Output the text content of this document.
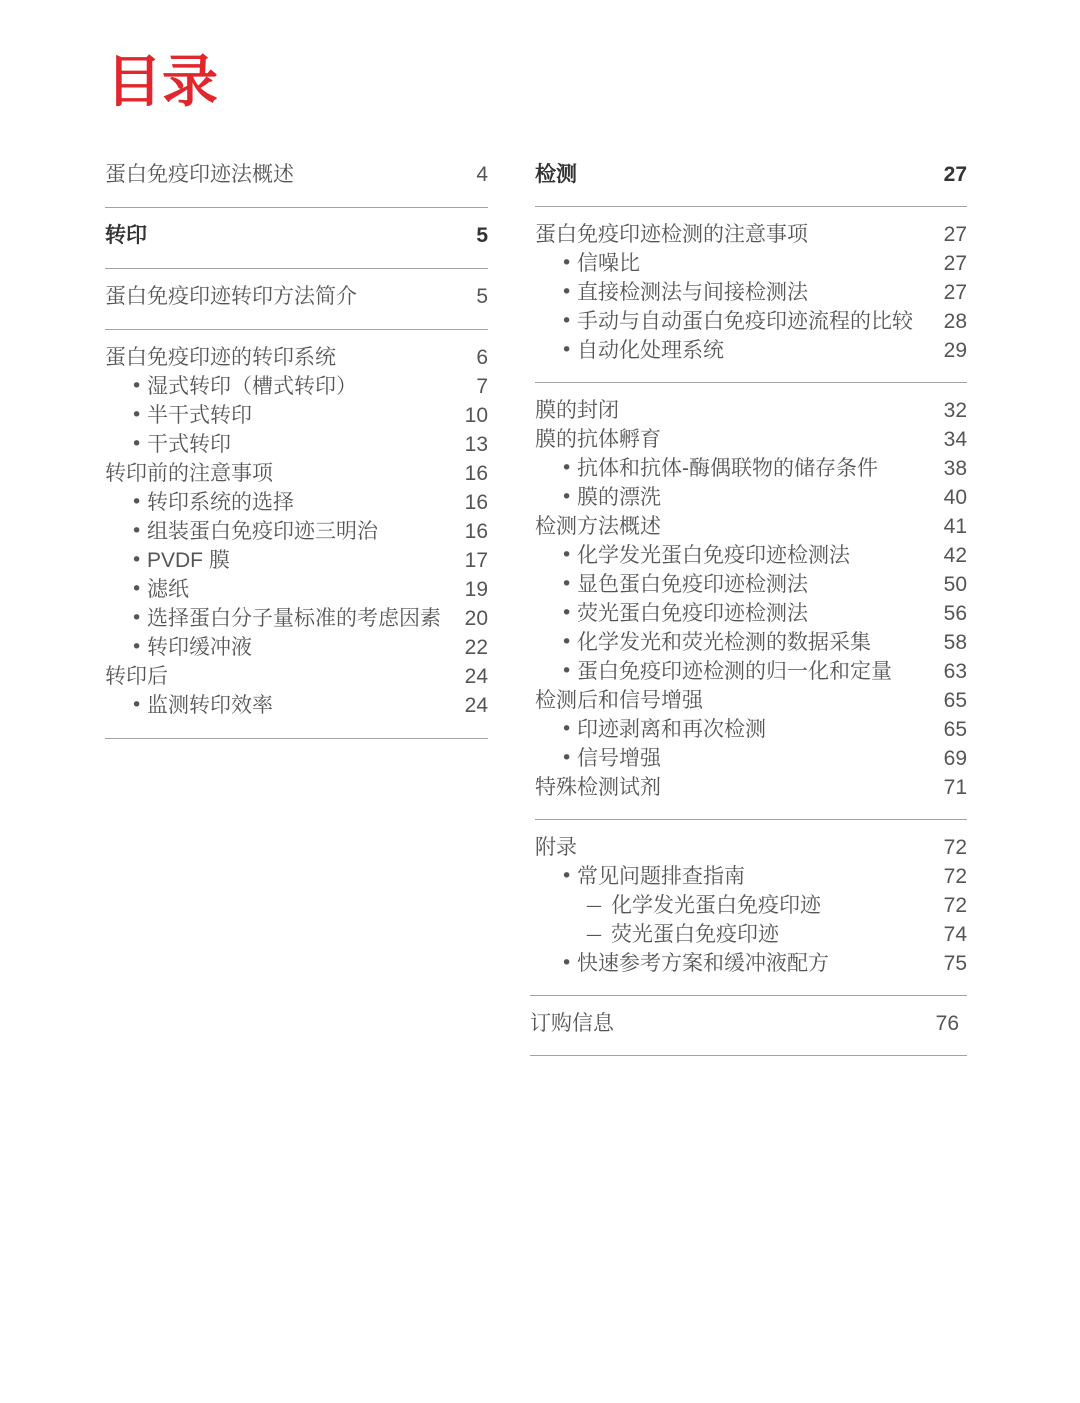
目录
蛋白免疫印迹法概述	4
转印	5
蛋白免疫印迹转印方法简介	5
蛋白免疫印迹的转印系统	6
• 湿式转印（槽式转印）	7
• 半干式转印	10
• 干式转印	13
转印前的注意事项	16
• 转印系统的选择	16
• 组装蛋白免疫印迹三明治	16
• PVDF 膜	17
• 滤纸	19
• 选择蛋白分子量标准的考虑因素	20
• 转印缓冲液	22
转印后	24
• 监测转印效率	24
检测	27
蛋白免疫印迹检测的注意事项	27
• 信噪比	27
• 直接检测法与间接检测法	27
• 手动与自动蛋白免疫印迹流程的比较	28
• 自动化处理系统	29
膜的封闭	32
膜的抗体孵育	34
• 抗体和抗体-酶偶联物的储存条件	38
• 膜的漂洗	40
检测方法概述	41
• 化学发光蛋白免疫印迹检测法	42
• 显色蛋白免疫印迹检测法	50
• 荧光蛋白免疫印迹检测法	56
• 化学发光和荧光检测的数据采集	58
• 蛋白免疫印迹检测的归一化和定量	63
检测后和信号增强	65
• 印迹剥离和再次检测	65
• 信号增强	69
特殊检测试剂	71
附录	72
• 常见问题排查指南	72
— 化学发光蛋白免疫印迹	72
— 荧光蛋白免疫印迹	74
• 快速参考方案和缓冲液配方	75
订购信息	76
